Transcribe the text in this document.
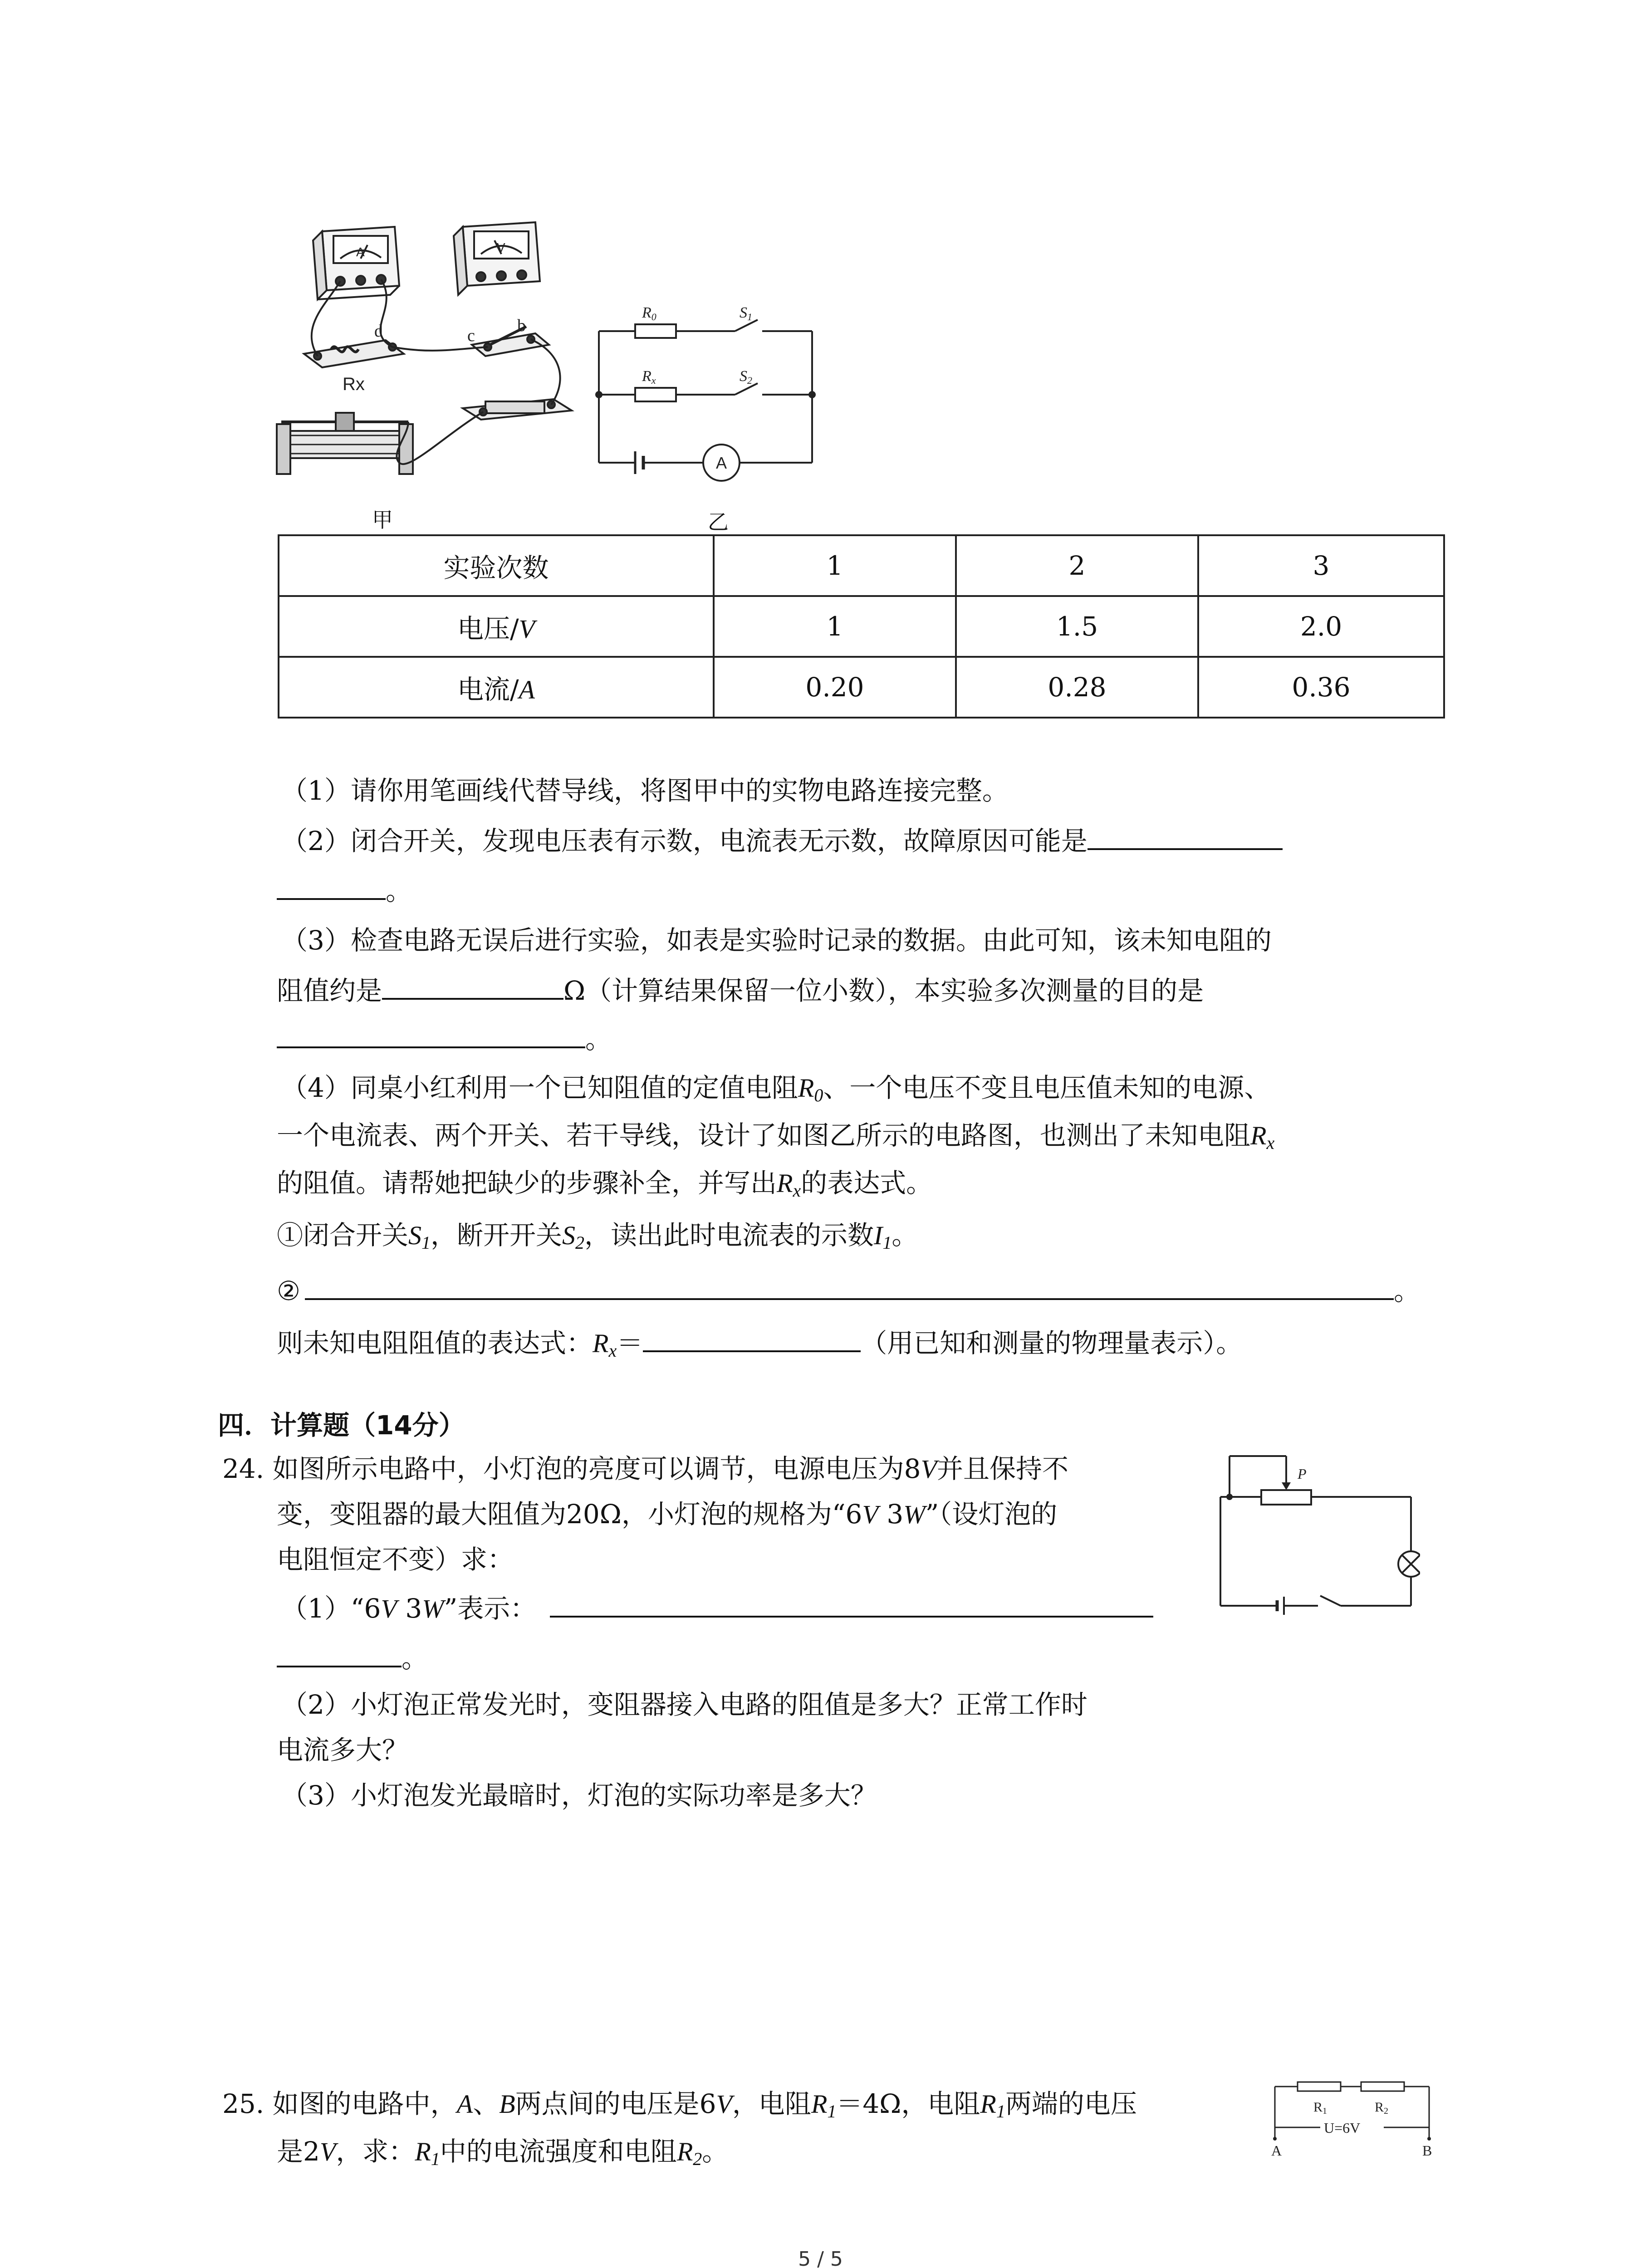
A	V
d	c
b
Rx
甲
R0
Rx
S1
S2
A
乙
实验次数	1	2	3
电压/V	1	1.5	2.0
电流/A	0.20	0.28	0.36
（1）请你用笔画线代替导线，将图甲中的实物电路连接完整。
（2）闭合开关，发现电压表有示数，电流表无示数，故障原因可能是
。
（3）检查电路无误后进行实验，如表是实验时记录的数据。由此可知，该未知电阻的
阻值约是	Ω（计算结果保留一位小数），本实验多次测量的目的是
。
（4）同桌小红利用一个已知阻值的定值电阻$R_0$、一个电压不变且电压值未知的电源、
一个电流表、两个开关、若干导线，设计了如图乙所示的电路图，也测出了未知电阻$R_x$
的阻值。请帮她把缺少的步骤补全，并写出$R_x$的表达式。
①闭合开关$S_1$，断开开关$S_2$，读出此时电流表的示数$I_1$。
②	。
则未知电阻阻值的表达式：$R_x=$	（用已知和测量的物理量表示）。
四．计算题（14分）
24. 如图所示电路中，小灯泡的亮度可以调节，电源电压为8V并且保持不
变，变阻器的最大阻值为20Ω，小灯泡的规格为“6V 3W”（设灯泡的
电阻恒定不变）求：
（1）“6V 3W”表示：
。
（2）小灯泡正常发光时，变阻器接入电路的阻值是多大？正常工作时
电流多大？
（3）小灯泡发光最暗时，灯泡的实际功率是多大？
P
25. 如图的电路中，A、B两点间的电压是6V，电阻$R_1=4\Omega$，电阻$R_1$两端的电压
是2V，求：$R_1$中的电流强度和电阻$R_2$。
R1	R2
U=6V
A	B
5 / 5
